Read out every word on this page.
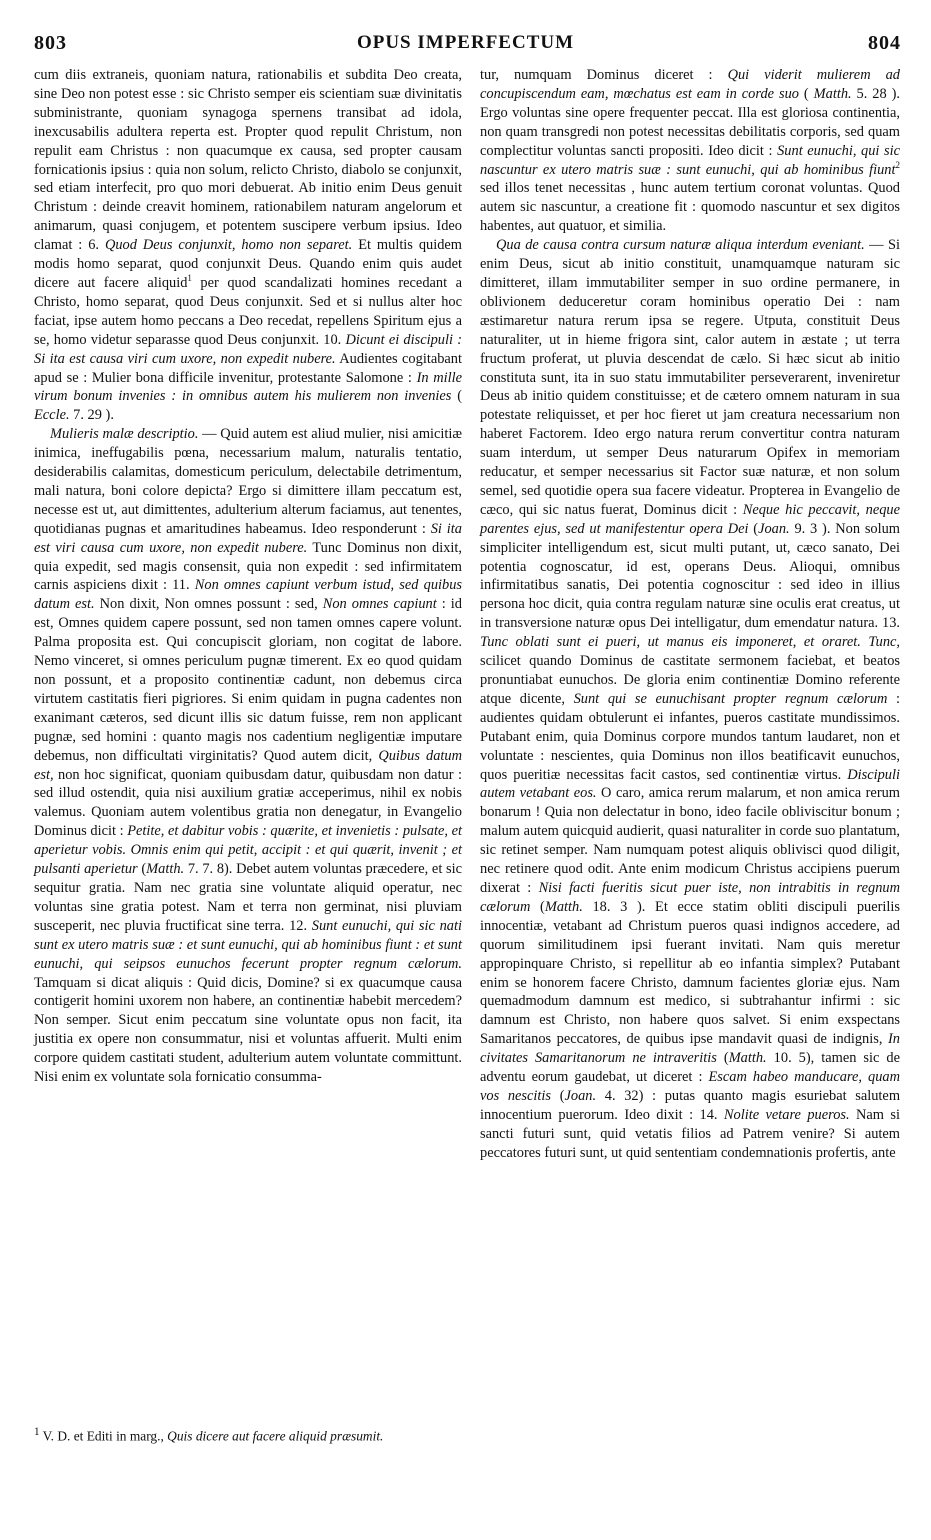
803	OPUS IMPERFECTUM	804

cum diis extraneis, quoniam natura, rationabilis et subdita Deo creata, sine Deo non potest esse : sic Christo semper eis scientiam suæ divinitatis subministrante, quoniam synagoga spernens transibat ad idola, inexcusabilis adultera reperta est. Propter quod repulit Christum, non repulit eam Christus : non quacumque ex causa, sed propter causam fornicationis ipsius : quia non solum, relicto Christo, diabolo se conjunxit, sed etiam interfecit, pro quo mori debuerat. Ab initio enim Deus genuit Christum : deinde creavit hominem, rationabilem naturam angelorum et animarum, quasi conjugem, et potentem suscipere verbum ipsius. Ideo clamat : 6. Quod Deus conjunxit, homo non separet. Et multis quidem modis homo separat, quod conjunxit Deus. Quando enim quis audet dicere aut facere aliquid$^1$ per quod scandalizati homines recedant a Christo, homo separat, quod Deus conjunxit. Sed et si nullus alter hoc faciat, ipse autem homo peccans a Deo recedat, repellens Spiritum ejus a se, homo videtur separasse quod Deus conjunxit. 10. Dicunt ei discipuli : Si ita est causa viri cum uxore, non expedit nubere. Audientes cogitabant apud se : Mulier bona difficile invenitur, protestante Salomone : In mille virum bonum invenies : in omnibus autem his mulierem non invenies ( Eccle. 7. 29 ).

Mulieris malæ descriptio. — Quid autem est aliud mulier, nisi amicitiæ inimica, ineffugabilis pœna, necessarium malum, naturalis tentatio, desiderabilis calamitas, domesticum periculum, delectabile detrimentum, mali natura, boni colore depicta? Ergo si dimittere illam peccatum est, necesse est ut, aut dimittentes, adulterium alterum faciamus, aut tenentes, quotidianas pugnas et amaritudines habeamus. Ideo responderunt : Si ita est viri causa cum uxore, non expedit nubere. Tunc Dominus non dixit, quia expedit, sed magis consensit, quia non expedit : sed infirmitatem carnis aspiciens dixit : 11. Non omnes capiunt verbum istud, sed quibus datum est. Non dixit, Non omnes possunt : sed, Non omnes capiunt : id est, Omnes quidem capere possunt, sed non tamen omnes capere volunt. Palma proposita est. Qui concupiscit gloriam, non cogitat de labore. Nemo vinceret, si omnes periculum pugnæ timerent. Ex eo quod quidam non possunt, et a proposito continentiæ cadunt, non debemus circa virtutem castitatis fieri pigriores. Si enim quidam in pugna cadentes non exanimant cæteros, sed dicunt illis sic datum fuisse, rem non applicant pugnæ, sed homini : quanto magis nos cadentium negligentiæ imputare debemus, non difficultati virginitatis? Quod autem dicit, Quibus datum est, non hoc significat, quoniam quibusdam datur, quibusdam non datur : sed illud ostendit, quia nisi auxilium gratiæ acceperimus, nihil ex nobis valemus. Quoniam autem volentibus gratia non denegatur, in Evangelio Dominus dicit : Petite, et dabitur vobis : quærite, et invenietis : pulsate, et aperietur vobis. Omnis enim qui petit, accipit : et qui quærit, invenit ; et pulsanti aperietur (Matth. 7. 7. 8). Debet autem voluntas præcedere, et sic sequitur gratia. Nam nec gratia sine voluntate aliquid operatur, nec voluntas sine gratia potest. Nam et terra non germinat, nisi pluviam susceperit, nec pluvia fructificat sine terra. 12. Sunt eunuchi, qui sic nati sunt ex utero matris suæ : et sunt eunuchi, qui ab hominibus fiunt : et sunt eunuchi, qui seipsos eunuchos fecerunt propter regnum cælorum. Tamquam si dicat aliquis : Quid dicis, Domine? si ex quacumque causa contigerit homini uxorem non habere, an continentiæ habebit mercedem? Non semper. Sicut enim peccatum sine voluntate opus non facit, ita justitia ex opere non consummatur, nisi et voluntas affuerit. Multi enim corpore quidem castitati student, adulterium autem voluntate committunt. Nisi enim ex voluntate sola fornicatio consumma-

$^1$ V. D. et Editi in marg., Quis dicere aut facere aliquid præsumit.

tur, numquam Dominus diceret : Qui viderit mulierem ad concupiscendum eam, mœchatus est eam in corde suo ( Matth. 5. 28 ). Ergo voluntas sine opere frequenter peccat. Illa est gloriosa continentia, non quam transgredi non potest necessitas debilitatis corporis, sed quam complectitur voluntas sancti propositi. Ideo dicit : Sunt eunuchi, qui sic nascuntur ex utero matris suæ : sunt eunuchi, qui ab hominibus fiunt$^2$ sed illos tenet necessitas , hunc autem tertium coronat voluntas. Quod autem sic nascuntur, a creatione fit : quomodo nascuntur et sex digitos habentes, aut quatuor, et similia.

Qua de causa contra cursum naturæ aliqua interdum eveniant. — Si enim Deus, sicut ab initio constituit, unamquamque naturam sic dimitteret, illam immutabiliter semper in suo ordine permanere, in oblivionem deduceretur coram hominibus operatio Dei : nam æstimaretur natura rerum ipsa se regere. Utputa, constituit Deus naturaliter, ut in hieme frigora sint, calor autem in æstate ; ut terra fructum proferat, ut pluvia descendat de cælo. Si hæc sicut ab initio constituta sunt, ita in suo statu immutabiliter perseverarent, inveniretur Deus ab initio quidem constituisse; et de cætero omnem naturam in sua potestate reliquisset, et per hoc fieret ut jam creatura necessarium non haberet Factorem. Ideo ergo natura rerum convertitur contra naturam suam interdum, ut semper Deus naturarum Opifex in memoriam reducatur, et semper necessarius sit Factor suæ naturæ, et non solum semel, sed quotidie opera sua facere videatur. Propterea in Evangelio de cæco, qui sic natus fuerat, Dominus dicit : Neque hic peccavit, neque parentes ejus, sed ut manifestentur opera Dei (Joan. 9. 3 ). Non solum simpliciter intelligendum est, sicut multi putant, ut, cæco sanato, Dei potentia cognoscatur, id est, operans Deus. Alioqui, omnibus infirmitatibus sanatis, Dei potentia cognoscitur : sed ideo in illius persona hoc dicit, quia contra regulam naturæ sine oculis erat creatus, ut in transversione naturæ opus Dei intelligatur, dum emendatur natura. 13. Tunc oblati sunt ei pueri, ut manus eis imponeret, et oraret. Tunc, scilicet quando Dominus de castitate sermonem faciebat, et beatos pronuntiabat eunuchos. De gloria enim continentiæ Domino referente atque dicente, Sunt qui se eunuchisant propter regnum cælorum : audientes quidam obtulerunt ei infantes, pueros castitate mundissimos. Putabant enim, quia Dominus corpore mundos tantum laudaret, non et voluntate : nescientes, quia Dominus non illos beatificavit eunuchos, quos pueritiæ necessitas facit castos, sed continentiæ virtus. Discipuli autem vetabant eos. O caro, amica rerum malarum, et non amica rerum bonarum ! Quia non delectatur in bono, ideo facile obliviscitur bonum ; malum autem quicquid audierit, quasi naturaliter in corde suo plantatum, sic retinet semper. Nam numquam potest aliquis oblivisci quod diligit, nec retinere quod odit. Ante enim modicum Christus accipiens puerum dixerat : Nisi facti fueritis sicut puer iste, non intrabitis in regnum cælorum (Matth. 18. 3 ). Et ecce statim obliti discipuli puerilis innocentiæ, vetabant ad Christum pueros quasi indignos accedere, ad quorum similitudinem ipsi fuerant invitati. Nam quis meretur appropinquare Christo, si repellitur ab eo infantia simplex? Putabant enim se honorem facere Christo, damnum facientes gloriæ ejus. Nam quemadmodum damnum est medico, si subtrahantur infirmi : sic damnum est Christo, non habere quos salvet. Si enim exspectans Samaritanos peccatores, de quibus ipse mandavit quasi de indignis, In civitates Samaritanorum ne intraveritis (Matth. 10. 5), tamen sic de adventu eorum gaudebat, ut diceret : Escam habeo manducare, quam vos nescitis (Joan. 4. 32) : putas quanto magis esuriebat salutem innocentium puerorum. Ideo dixit : 14. Nolite vetare pueros. Nam si sancti futuri sunt, quid vetatis filios ad Patrem venire? Si autem peccatores futuri sunt, ut quid sententiam condemnationis profertis, ante
